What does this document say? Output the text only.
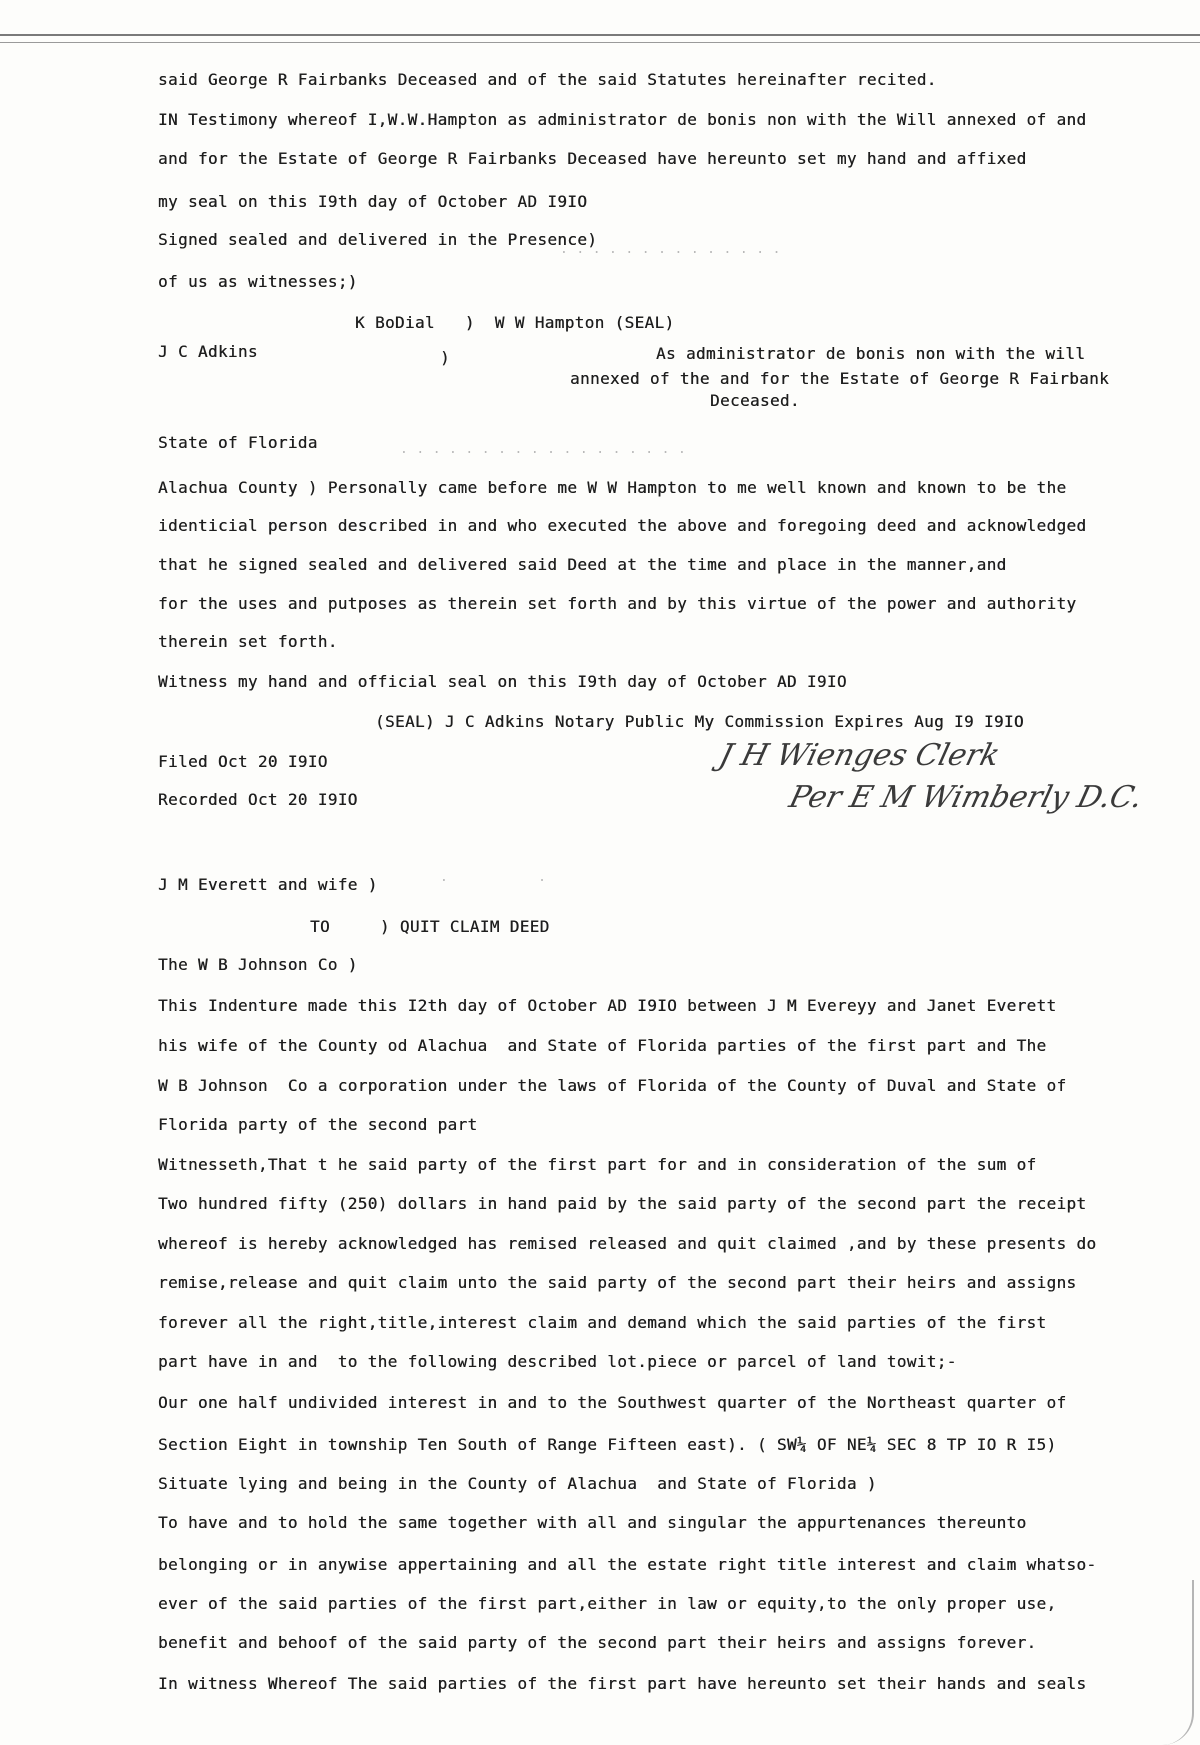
. . . . . . . . . . . . . .
. . . . . . . . . . . . . . . . . .
.           .
said George R Fairbanks Deceased and of the said Statutes hereinafter recited.
IN Testimony whereof I,W.W.Hampton as administrator de bonis non with the Will annexed of and
and for the Estate of George R Fairbanks Deceased have hereunto set my hand and affixed
my seal on this I9th day of October AD I9IO
Signed sealed and delivered in the Presence)
of us as witnesses;)
K BoDial   )  W W Hampton (SEAL)
J C Adkins	)	As administrator de bonis non with the will
annexed of the and for the Estate of George R Fairbank
Deceased.
State of Florida
Alachua County ) Personally came before me W W Hampton to me well known and known to be the
identicial person described in and who executed the above and foregoing deed and acknowledged
that he signed sealed and delivered said Deed at the time and place in the manner,and
for the uses and putposes as therein set forth and by this virtue of the power and authority
therein set forth.
Witness my hand and official seal on this I9th day of October AD I9IO
(SEAL) J C Adkins Notary Public My Commission Expires Aug I9 I9IO
Filed Oct 20 I9IO
Recorded Oct 20 I9IO
J H Wienges Clerk
Per E M Wimberly D.C.
J M Everett and wife )
TO     ) QUIT CLAIM DEED
The W B Johnson Co )
This Indenture made this I2th day of October AD I9IO between J M Evereyy and Janet Everett
his wife of the County od Alachua  and State of Florida parties of the first part and The
W B Johnson  Co a corporation under the laws of Florida of the County of Duval and State of
Florida party of the second part
Witnesseth,That t he said party of the first part for and in consideration of the sum of
Two hundred fifty (250) dollars in hand paid by the said party of the second part the receipt
whereof is hereby acknowledged has remised released and quit claimed ,and by these presents do
remise,release and quit claim unto the said party of the second part their heirs and assigns
forever all the right,title,interest claim and demand which the said parties of the first
part have in and  to the following described lot.piece or parcel of land towit;-
Our one half undivided interest in and to the Southwest quarter of the Northeast quarter of
Section Eight in township Ten South of Range Fifteen east). ( SW¼ OF NE¼ SEC 8 TP IO R I5)
Situate lying and being in the County of Alachua  and State of Florida )
To have and to hold the same together with all and singular the appurtenances thereunto
belonging or in anywise appertaining and all the estate right title interest and claim whatso-
ever of the said parties of the first part,either in law or equity,to the only proper use,
benefit and behoof of the said party of the second part their heirs and assigns forever.
In witness Whereof The said parties of the first part have hereunto set their hands and seals
